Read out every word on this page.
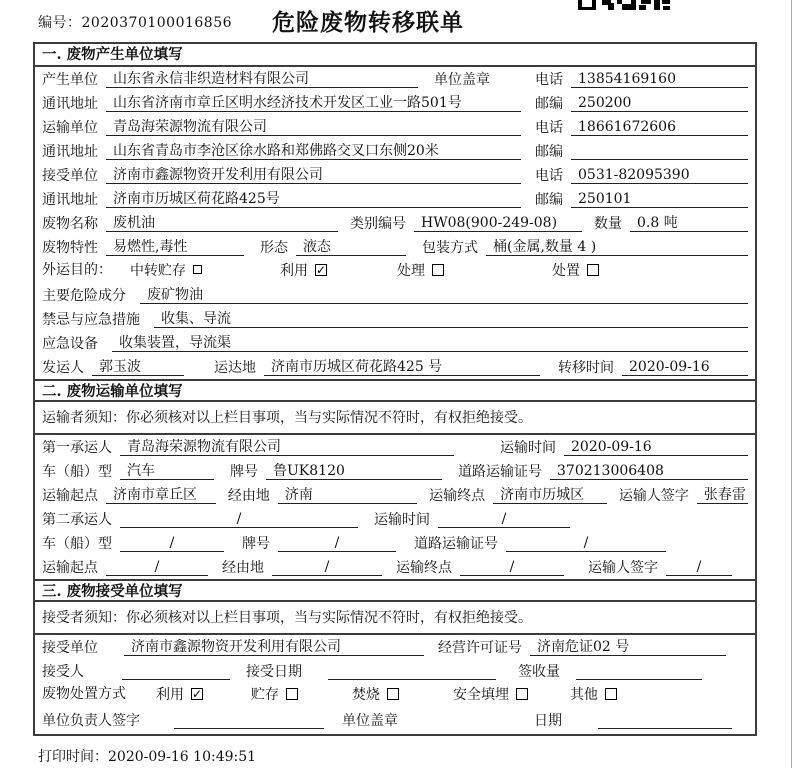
编号：2020370100016856	危险废物转移联单
一. 废物产生单位填写
产生单位	山东省永信非织造材料有限公司	单位盖章	电话	13854169160
通讯地址	山东省济南市章丘区明水经济技术开发区工业一路501号	邮编	250200
运输单位	青岛海荣源物流有限公司	电话	18661672606
通讯地址	山东省青岛市李沧区徐水路和郑佛路交叉口东侧20米	邮编
接受单位	济南市鑫源物资开发利用有限公司	电话	0531-82095390
通讯地址	济南市历城区荷花路425号	邮编	250101
废物名称	废机油	类别编号	HW08(900-249-08)	数量	0.8 吨
废物特性	易燃性,毒性	形态	液态	包装方式	桶(金属,数量 4 )
外运目的： 中转贮存	利用 ✓	处理	处置
主要危险成分	废矿物油
禁忌与应急措施	收集、导流
应急设备	收集装置，导流渠
发运人	郭玉波	运达地	济南市历城区荷花路425 号	转移时间	2020-09-16
二. 废物运输单位填写
运输者须知：你必须核对以上栏目事项，当与实际情况不符时，有权拒绝接受。
第一承运人	青岛海荣源物流有限公司	运输时间	2020-09-16
车（船）型	汽车	牌号	鲁UK8120	道路运输证号	370213006408
运输起点	济南市章丘区	经由地	济南	运输终点	济南市历城区	运输人签字	张春雷
第二承运人	/	运输时间	/
车（船）型	/	牌号	/	道路运输证号	/
运输起点	/	经由地	/	运输终点	/	运输人签字	/
三. 废物接受单位填写
接受者须知：你必须核对以上栏目事项，当与实际情况不符时，有权拒绝接受。
接受单位	济南市鑫源物资开发利用有限公司	经营许可证号	济南危证02 号
接受人	接受日期	签收量
废物处置方式 利用 ✓	贮存	焚烧	安全填埋	其他
单位负责人签字	单位盖章	日期
打印时间：2020-09-16 10:49:51
